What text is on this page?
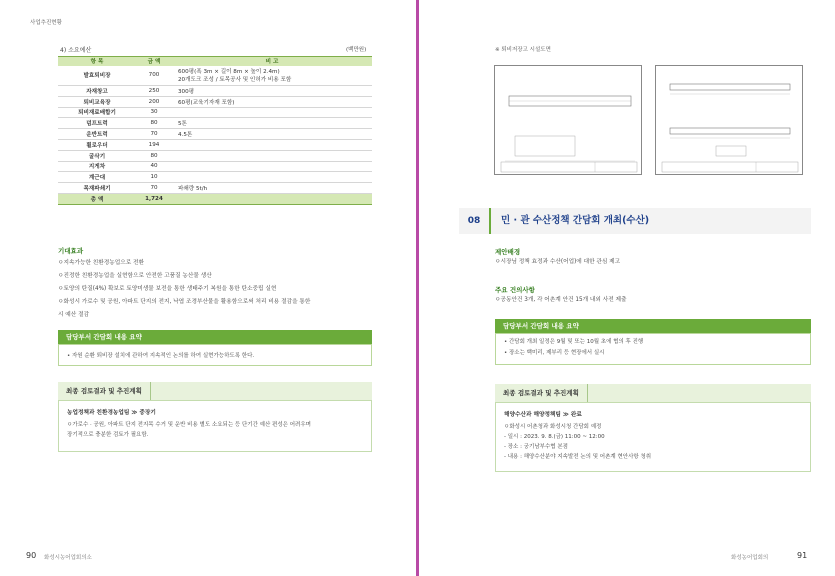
사업추진현황
4) 소요예산	(백만원)
항 목	금 액	비 고
발효퇴비장	700	600평(폭 3m × 길이 8m × 높이 2.4m)
20개도크 조성 / 토목공사 및 인허가 비용 포함

자재창고	250	300평
퇴비교육장	200	60평(교육기자재 포함)
퇴비재료배합기	30	
덤프트럭	80	5톤
운반트럭	70	4.5톤
휠로우더	194	
굴삭기	80	
지게차	40	
계근대	10	
목재파쇄기	70	파쇄량 5t/h
총 액	1,724	
기대효과
ㅇ지속가능한 친환경농업으로 전환
ㅇ진정한 친환경농업을 실현함으로 안전한 고품질 농산물 생산
ㅇ토양의 탄질(4%) 확보로 토양미생물 보전을 통한 생태주기 복원을 통한 탄소중립 실현
ㅇ화성시 가로수 및 공원, 아파트 단지의 전지, 낙엽 조경부산물을 활용함으로써 처리 비용 절감을 통한
시 예산 절감
담당부서 간담회 내용 요약
• 자원 순환 퇴비장 설치에 관하여 지속적인 논의를 하여 실현가능하도록 한다.
최종 검토결과 및 추진계획
농업정책과 친환경농업팀 ≫ 중장기
ㅇ가로수 · 공원, 아파트 단지 전지목 수거 및 운반 비용 별도 소요되는 등 단기간 예산 편성은 어려우며
장기적으로 충분한 검토가 필요함.
90 화성시농어업회의소
※ 퇴비저장고 시설도면
08	민 · 관 수산정책 간담회 개최(수산)
제안배경
ㅇ시장님 정책 효정과 수산(어업)에 대한 관심 제고
주요 건의사항
ㅇ공동안건 3개, 각 어촌계 안건 15개 내외 사전 제출
담당부서 간담회 내용 요약
• 간담회 개최 일정은 9월 및 또는 10월 초에 협의 후 진행
• 장소는 백미리, 제부리 등 현장에서 실시
최종 검토결과 및 추진계획
해양수산과 해양정책팀 ≫ 완료
ㅇ화성시 어촌청과 화성시청 간담회 예정
- 일시 : 2023. 9. 8.(금) 11:00 ~ 12:00
- 장소 : 궁기남부수협 본점
- 내용 : 해양수산분야 지속발전 논의 및 어촌계 현안사항 청취
화성농어업회의	91
